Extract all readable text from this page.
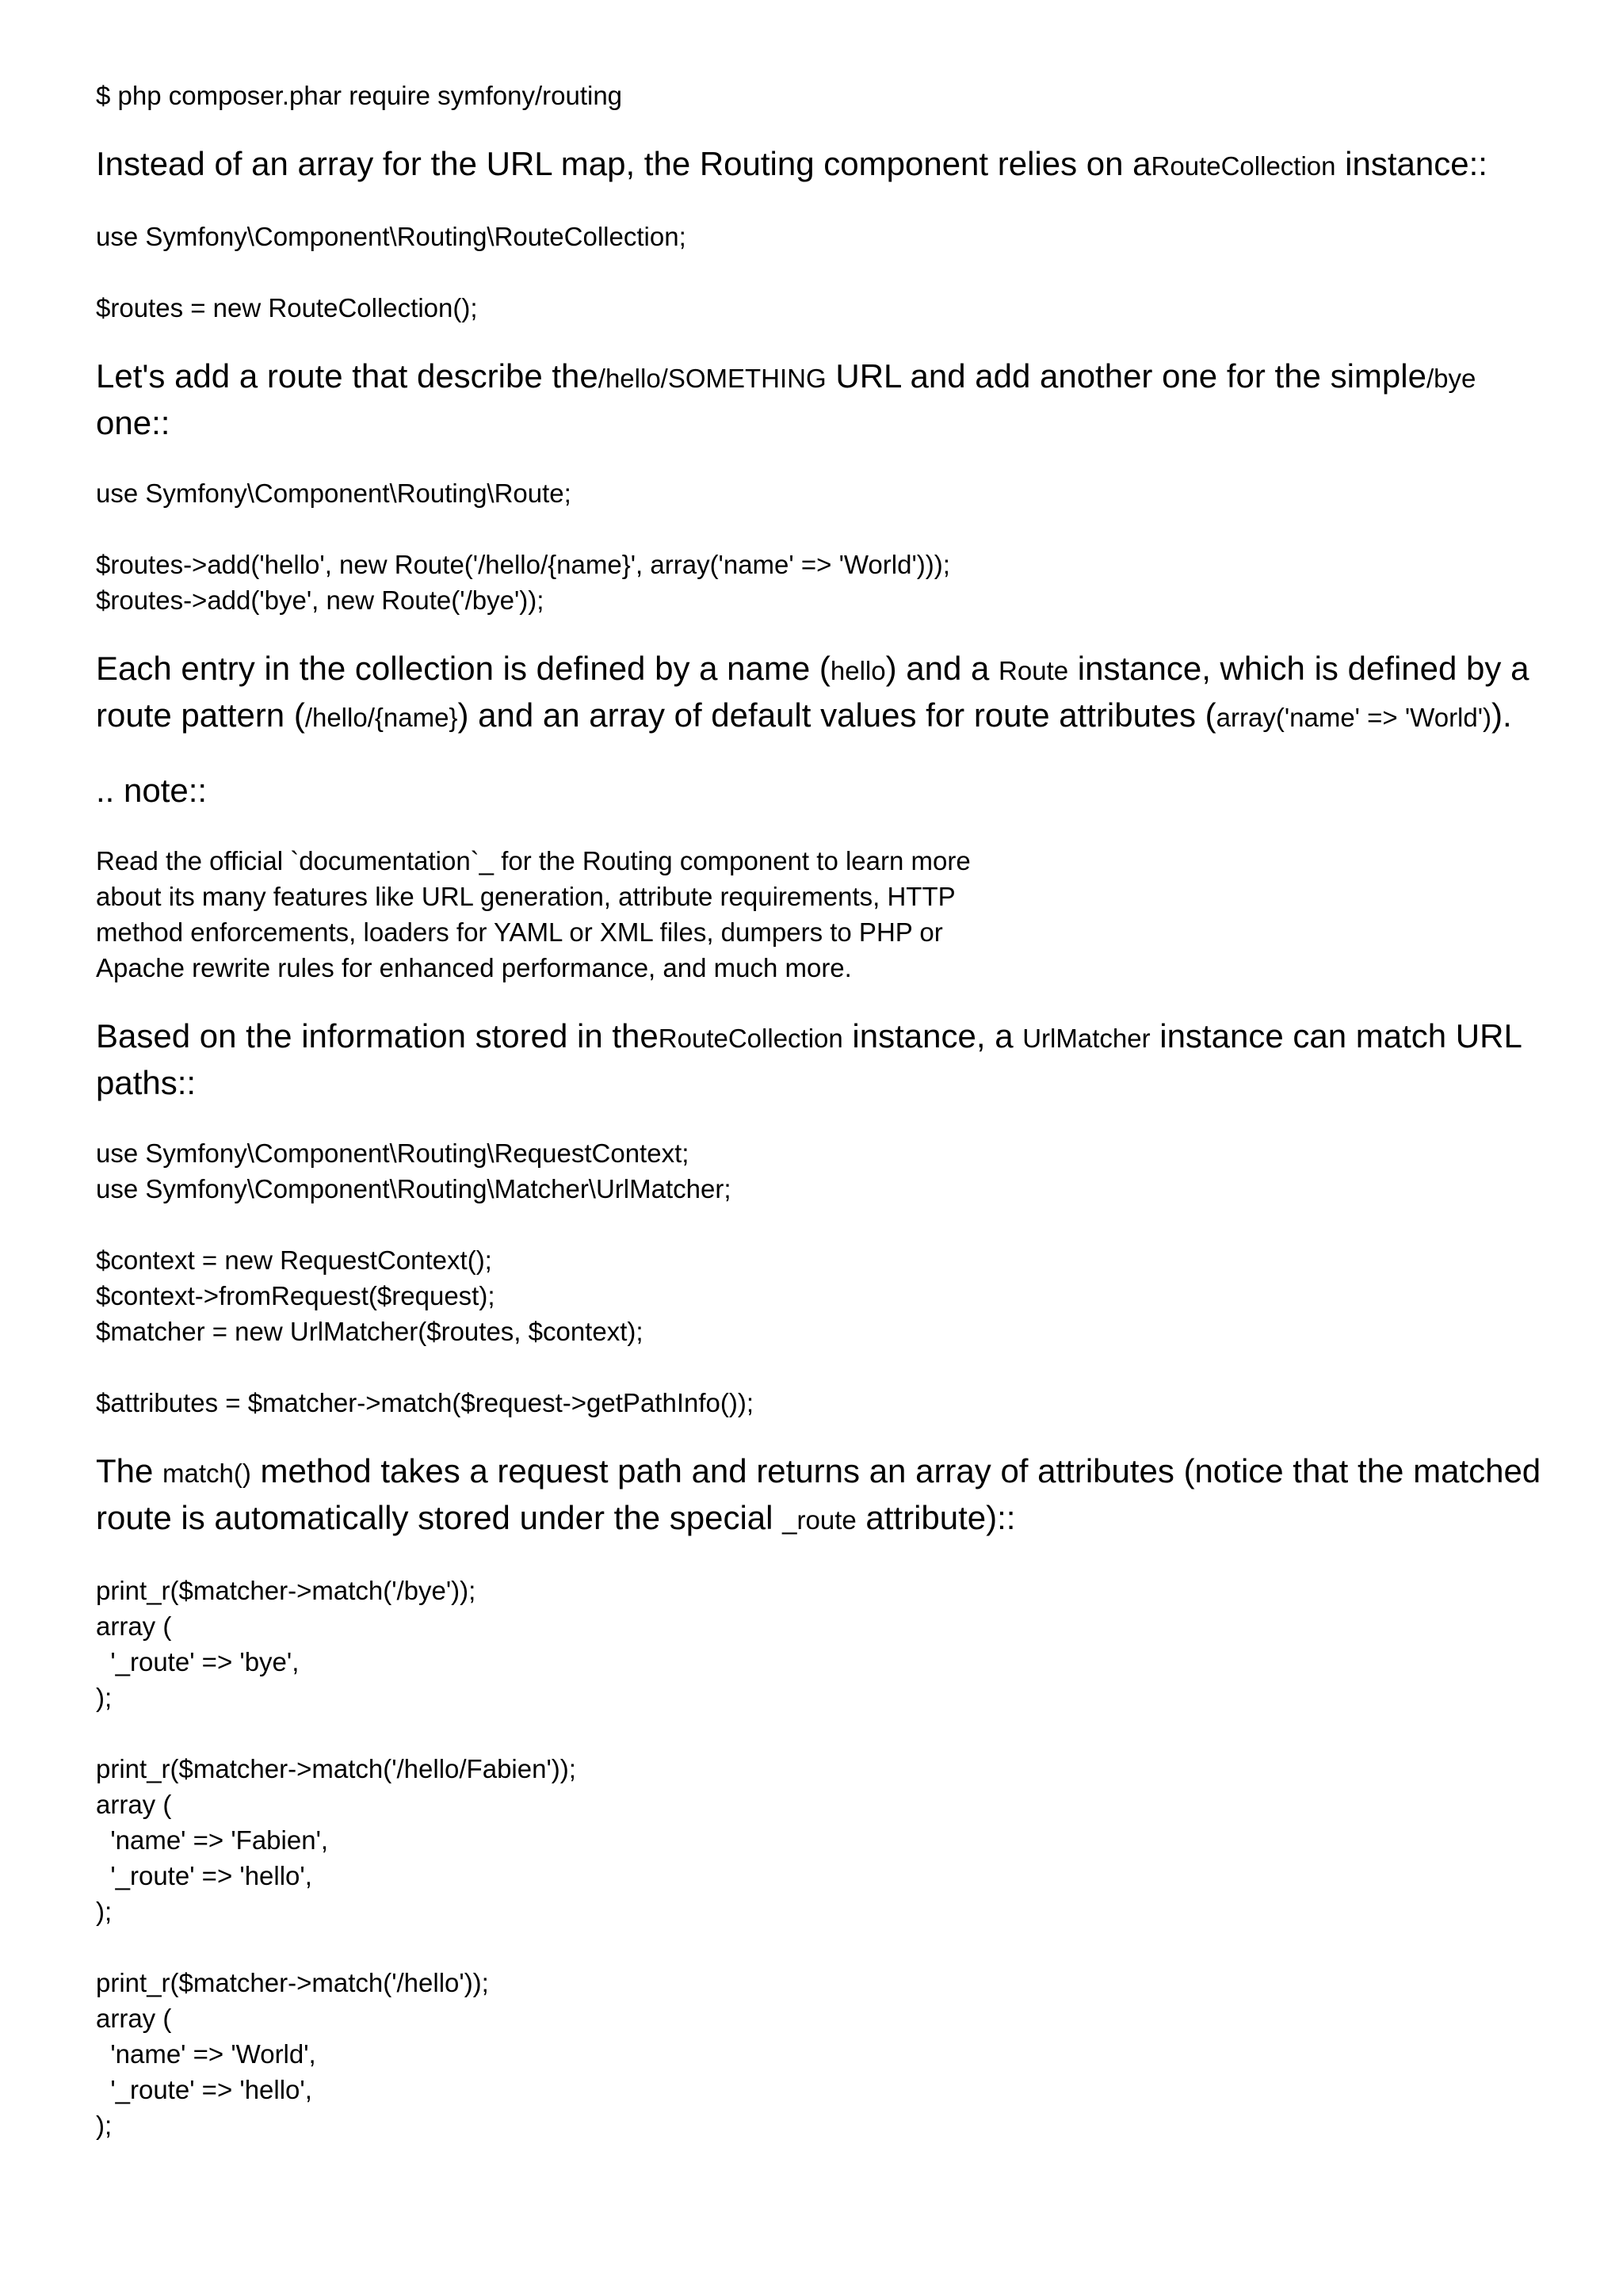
$ php composer.phar require symfony/routing
Instead of an array for the URL map, the Routing component relies on aRouteCollection instance::
use Symfony\Component\Routing\RouteCollection;

$routes = new RouteCollection();
Let's add a route that describe the/hello/SOMETHING URL and add another one for the simple/bye
one::
use Symfony\Component\Routing\Route;

$routes->add('hello', new Route('/hello/{name}', array('name' => 'World')));
$routes->add('bye', new Route('/bye'));
Each entry in the collection is defined by a name (hello) and a Route instance, which is defined by a route pattern (/hello/{name}) and an array of default values for route attributes (array('name' => 'World')).
.. note::
Read the official `documentation`_ for the Routing component to learn more
about its many features like URL generation, attribute requirements, HTTP
method enforcements, loaders for YAML or XML files, dumpers to PHP or
Apache rewrite rules for enhanced performance, and much more.
Based on the information stored in theRouteCollection instance, a UrlMatcher instance can match URL paths::
use Symfony\Component\Routing\RequestContext;
use Symfony\Component\Routing\Matcher\UrlMatcher;

$context = new RequestContext();
$context->fromRequest($request);
$matcher = new UrlMatcher($routes, $context);

$attributes = $matcher->match($request->getPathInfo());
The match() method takes a request path and returns an array of attributes (notice that the matched route is automatically stored under the special _route attribute)::
print_r($matcher->match('/bye'));
array (
'_route' => 'bye',
);

print_r($matcher->match('/hello/Fabien'));
array (
'name' => 'Fabien',
'_route' => 'hello',
);

print_r($matcher->match('/hello'));
array (
'name' => 'World',
'_route' => 'hello',
);
